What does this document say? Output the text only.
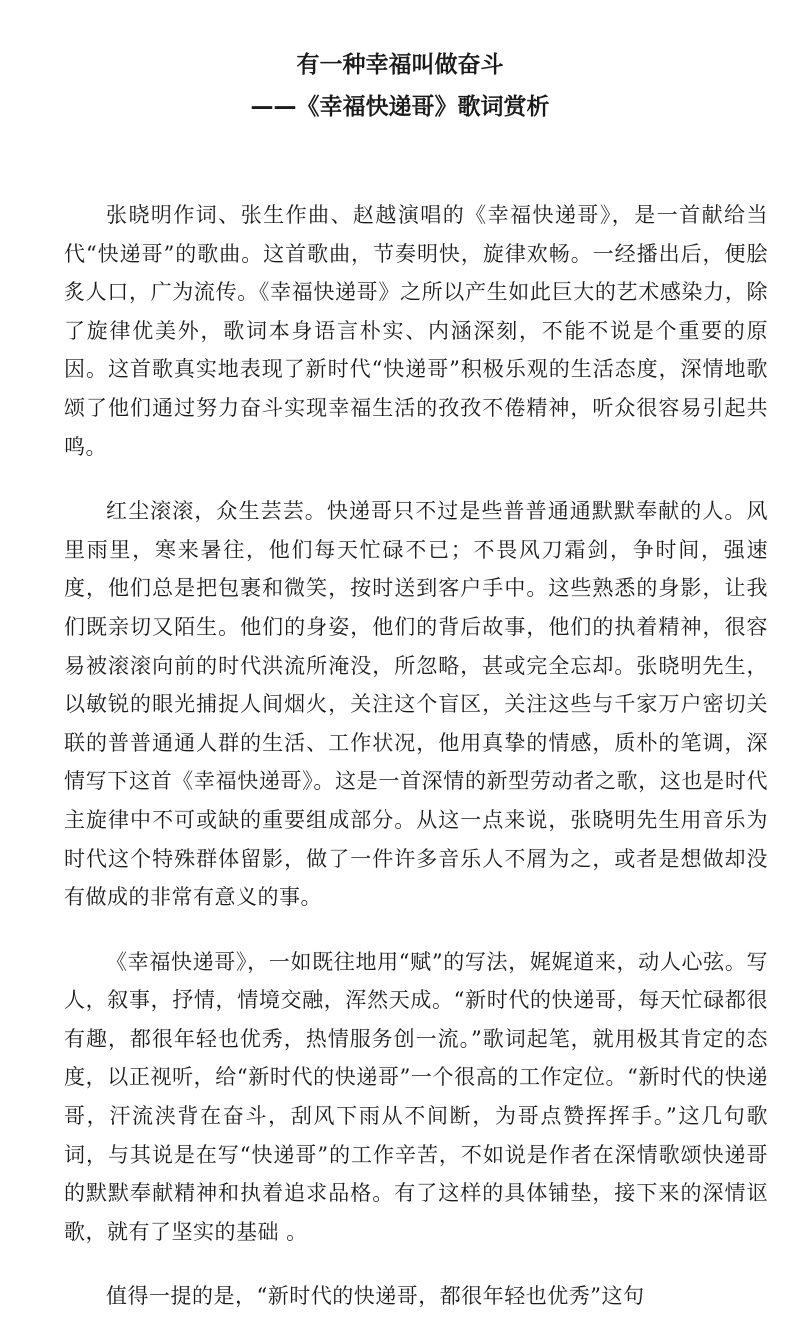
有一种幸福叫做奋斗
——《幸福快递哥》歌词赏析

张晓明作词、张生作曲、赵越演唱的《幸福快递哥》，是一首献给当代“快递哥”的歌曲。这首歌曲，节奏明快，旋律欢畅。一经播出后，便脍炙人口，广为流传。《幸福快递哥》之所以产生如此巨大的艺术感染力，除了旋律优美外，歌词本身语言朴实、内涵深刻，不能不说是个重要的原因。这首歌真实地表现了新时代“快递哥”积极乐观的生活态度，深情地歌颂了他们通过努力奋斗实现幸福生活的孜孜不倦精神，听众很容易引起共鸣。

红尘滚滚，众生芸芸。快递哥只不过是些普普通通默默奉献的人。风里雨里，寒来暑往，他们每天忙碌不已；不畏风刀霜剑，争时间，强速度，他们总是把包裹和微笑，按时送到客户手中。这些熟悉的身影，让我们既亲切又陌生。他们的身姿，他们的背后故事，他们的执着精神，很容易被滚滚向前的时代洪流所淹没，所忽略，甚或完全忘却。张晓明先生，以敏锐的眼光捕捉人间烟火，关注这个盲区，关注这些与千家万户密切关联的普普通通人群的生活、工作状况，他用真挚的情感，质朴的笔调，深情写下这首《幸福快递哥》。这是一首深情的新型劳动者之歌，这也是时代主旋律中不可或缺的重要组成部分。从这一点来说，张晓明先生用音乐为时代这个特殊群体留影，做了一件许多音乐人不屑为之，或者是想做却没有做成的非常有意义的事。

《幸福快递哥》，一如既往地用“赋”的写法，娓娓道来，动人心弦。写人，叙事，抒情，情境交融，浑然天成。“新时代的快递哥，每天忙碌都很有趣，都很年轻也优秀，热情服务创一流。”歌词起笔，就用极其肯定的态度，以正视听，给“新时代的快递哥”一个很高的工作定位。“新时代的快递哥，汗流浃背在奋斗，刮风下雨从不间断，为哥点赞挥挥手。”这几句歌词，与其说是在写“快递哥”的工作辛苦，不如说是作者在深情歌颂快递哥的默默奉献精神和执着追求品格。有了这样的具体铺垫，接下来的深情讴歌，就有了坚实的基础 。

值得一提的是，“新时代的快递哥，都很年轻也优秀”这句
